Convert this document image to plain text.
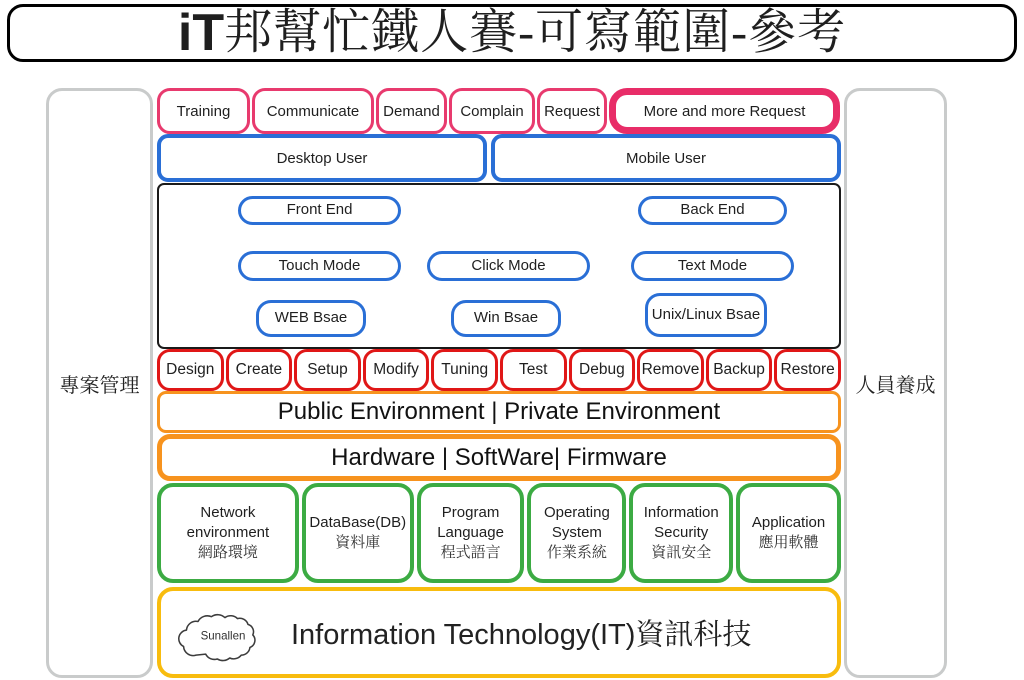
iT 邦幫忙鐵人賽-可寫範圍-參考
專案管理	人員養成
Training Communicate Demand Complain Request	More and more Request
Desktop User	Mobile User
Front End	Back End
Touch Mode	Click Mode	Text Mode
WEB Bsae	Win Bsae	Unix/Linux Bsae
Design Create Setup Modify Tuning Test Debug Remove Backup Restore
Public Environment | Private Environment
Hardware | SoftWare| Firmware
Network environment
網路環境
DataBase(DB)
資料庫
Program Language
程式語言
Operating System
作業系統
Information Security
資訊安全
Application
應用軟體
Sunallen Information Technology(IT)資訊科技
